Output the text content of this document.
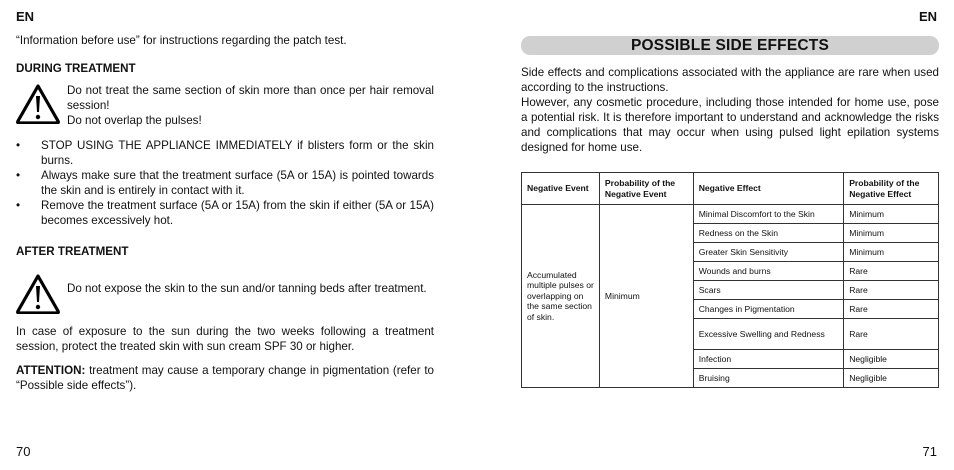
EN	EN

“Information before use” for instructions regarding the patch test.

DURING TREATMENT

Do not treat the same section of skin more than once per hair removal session!
Do not overlap the pulses!
• STOP USING THE APPLIANCE IMMEDIATELY if blisters form or the skin burns.
• Always make sure that the treatment surface (5A or 15A) is pointed towards the skin and is entirely in contact with it.
• Remove the treatment surface (5A or 15A) from the skin if either (5A or 15A) becomes excessively hot.

AFTER TREATMENT

Do not expose the skin to the sun and/or tanning beds after treatment.

In case of exposure to the sun during the two weeks following a treatment session, protect the treated skin with sun cream SPF 30 or higher.

ATTENTION: treatment may cause a temporary change in pigmentation (refer to “Possible side effects”).

POSSIBLE SIDE EFFECTS

Side effects and complications associated with the appliance are rare when used according to the instructions.

However, any cosmetic procedure, including those intended for home use, pose a potential risk. It is therefore important to understand and acknowledge the risks and complications that may occur when using pulsed light epilation systems designed for home use.

Negative Event	Probability of the Negative Event	Negative Effect	Probability of the Negative Effect
Accumulated multiple pulses or overlapping on the same section of skin.	Minimum	Minimal Discomfort to the Skin	Minimum
		Redness on the Skin	Minimum
		Greater Skin Sensitivity	Minimum
		Wounds and burns	Rare
		Scars	Rare
		Changes in Pigmentation	Rare
		Excessive Swelling and Redness	Rare
		Infection	Negligible
		Bruising	Negligible
70	71
